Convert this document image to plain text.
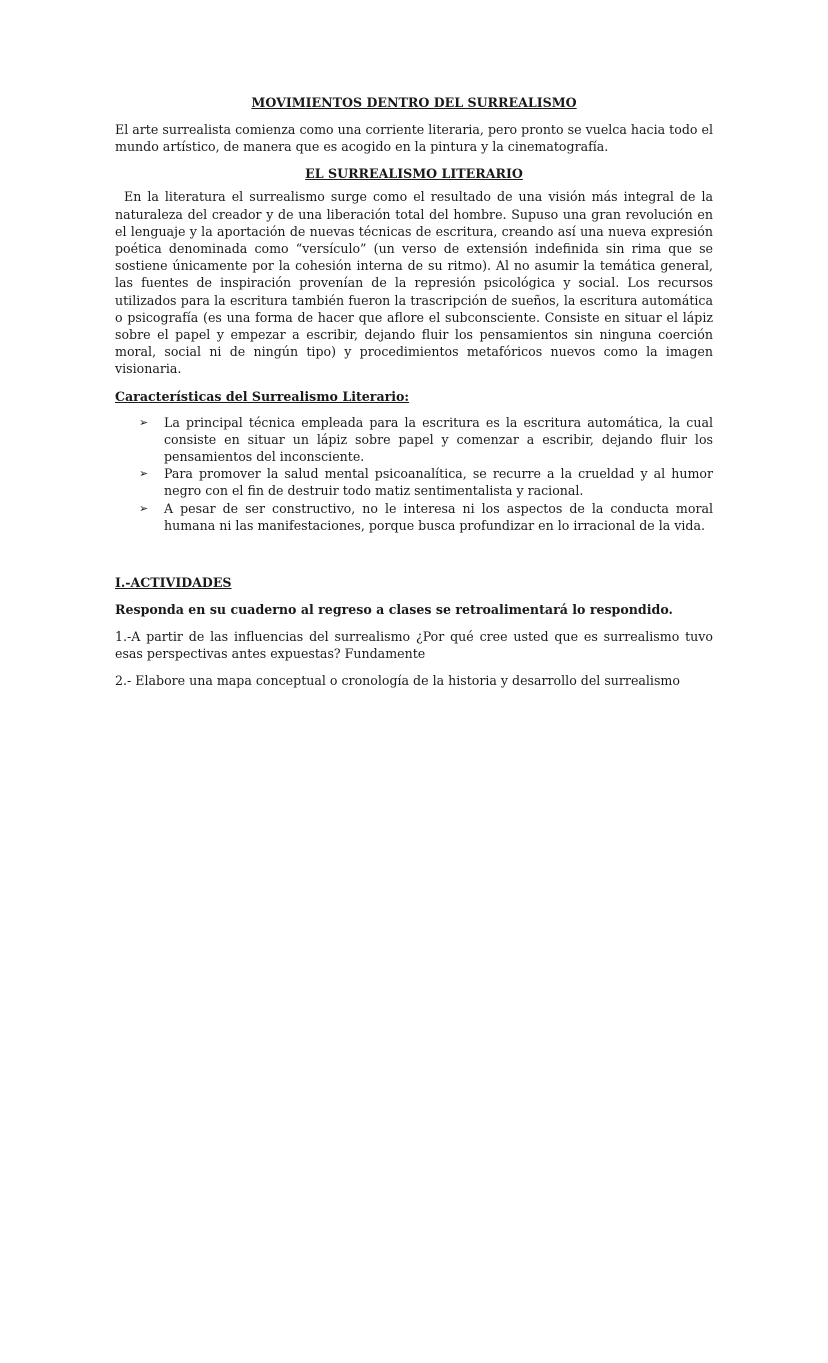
MOVIMIENTOS DENTRO DEL SURREALISMO

El arte surrealista comienza como una corriente literaria, pero pronto se vuelca hacia todo el mundo artístico, de manera que es acogido en la pintura y la cinematografía.

EL SURREALISMO LITERARIO

En la literatura el surrealismo surge como el resultado de una visión más integral de la naturaleza del creador y de una liberación total del hombre. Supuso una gran revolución en el lenguaje y la aportación de nuevas técnicas de escritura, creando así una nueva expresión poética denominada como “versículo” (un verso de extensión indefinida sin rima que se sostiene únicamente por la cohesión interna de su ritmo). Al no asumir la temática general, las fuentes de inspiración provenían de la represión psicológica y social. Los recursos utilizados para la escritura también fueron la trascripción de sueños, la escritura automática o psicografía (es una forma de hacer que aflore el subconsciente. Consiste en situar el lápiz sobre el papel y empezar a escribir, dejando fluir los pensamientos sin ninguna coerción moral, social ni de ningún tipo) y procedimientos metafóricos nuevos como la imagen visionaria.

Características del Surrealismo Literario:
➢ La principal técnica empleada para la escritura es la escritura automática, la cual consiste en situar un lápiz sobre papel y comenzar a escribir, dejando fluir los pensamientos del inconsciente.
➢ Para promover la salud mental psicoanalítica, se recurre a la crueldad y al humor negro con el fin de destruir todo matiz sentimentalista y racional.
➢ A pesar de ser constructivo, no le interesa ni los aspectos de la conducta moral humana ni las manifestaciones, porque busca profundizar en lo irracional de la vida.
I.-ACTIVIDADES
Responda en su cuaderno al regreso a clases se retroalimentará lo respondido.

1.-A partir de las influencias del surrealismo ¿Por qué cree usted que es surrealismo tuvo esas perspectivas antes expuestas? Fundamente

2.- Elabore una mapa conceptual o cronología de la historia y desarrollo del surrealismo
